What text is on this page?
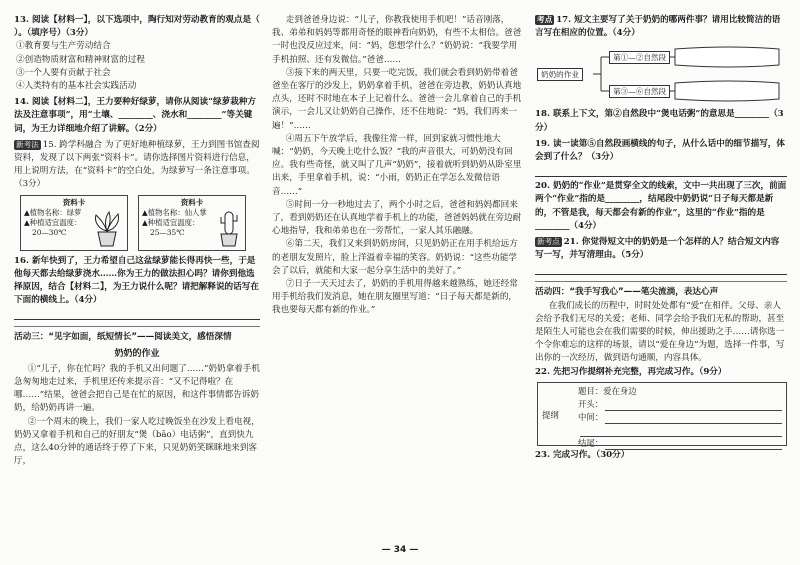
13. 阅读【材料一】，以下选项中，陶行知对劳动教育的观点是（ ）。（填序号）（3分）

①教育要与生产劳动结合

②创造物质财富和精神财富的过程

③一个人要有贡献于社会

④人类特有的基本社会实践活动

14. 阅读【材料二】，王力要种好绿萝，请你从阅读“绿萝栽种方法及注意事项”，用“土壤、________、浇水和________”等关键词，为王力详细地介绍了讲解。（2分）

新考法 15. 跨学科融合 为了更好地种植绿萝，王力到图书馆查阅资料，发现了以下两张“资料卡”。请你选择图片资料进行信息，用上说明方法，在“资料卡”的空白处，为绿萝写一条注意事项。（3分）

资料卡
▲植物名称：绿萝
▲种植适宜温度：
20—30℃
资料卡
▲植物名称：仙人掌
▲种植适宜温度：
25—35℃

16. 新年快到了，王力希望自己这盆绿萝能长得再快一些，于是他每天都去给绿萝浇水……你为王力的做法担心吗？请你到他选择原因，结合【材料二】，为王力说什么呢？请把解释说的话写在下面的横线上。（4分）

活动三：“见字如面，纸短情长”——阅读美文，感悟深情

奶奶的作业

①“儿子，你在忙吗？我的手机又出问题了……”奶奶拿着手机急匆匆地走过来，手机里还传来提示音：“又不记得啦？在哪……”结果，爸爸会把自己是在忙的原因，和这件事情都告诉奶奶，给奶奶再讲一遍。

②一个周末的晚上，我们一家人吃过晚饭坐在沙发上看电视，奶奶又拿着手机和自己的好朋友“煲（bāo）电话粥”，直到快九点，这么40分钟的通话终于停了下来，只见奶奶笑眯眯地来到客厅，

走到爸爸身边说：“儿子，你教我使用手机吧！”话音刚落，我、弟弟和妈妈等都用奇怪的眼神看向奶奶，有些不太相信。爸爸一时也没反应过来，问：“妈，您想学什么？”奶奶说：“我要学用手机拍照、还有发微信。”爸爸……

③接下来的两天里，只要一吃完饭，我们就会看到奶奶带着爸爸坐在客厅的沙发上，奶奶拿着手机，爸爸在旁边教，奶奶认真地点头，还时不时地在本子上记着什么。爸爸一会儿拿着自己的手机演示，一会儿又让奶奶自己操作，还不住地说：“妈，我们再来一遍！”……

④周五下午放学后，我像往常一样，回到家就习惯性地大喊：“奶奶，今天晚上吃什么饭？”我的声音很大，可奶奶没有回应。我有些奇怪，就又叫了几声“奶奶”，接着就听到奶奶从卧室里出来，手里拿着手机，说：“小雨，奶奶正在学怎么发微信语音……”

⑤时间一分一秒地过去了，两个小时之后，爸爸和妈妈都回来了，看到奶奶还在认真地学着手机上的功能，爸爸妈妈就在旁边耐心地指导，我和弟弟也在一旁帮忙，一家人其乐融融。

⑥第二天，我们又来到奶奶房间，只见奶奶正在用手机给远方的老朋友发照片，脸上洋溢着幸福的笑容。奶奶说：“这些功能学会了以后，就能和大家一起分享生活中的美好了。”

⑦日子一天天过去了，奶奶的手机用得越来越熟练，她还经常用手机给我们发消息，她在朋友圈里写道：“日子每天都是新的，我也要每天都有新的作业。”

考点 17. 短文主要写了关于奶奶的哪两件事？请用比较简洁的语言写在相应的位置。（4分）

奶奶的作业
第①—②自然段
第③—⑥自然段

18. 联系上下文，第②自然段中“煲电话粥”的意思是________（3分）

19. 读一读第⑤自然段画横线的句子，从什么话中的细节描写，体会到了什么？（3分）

20. 奶奶的“作业”是贯穿全文的线索，文中一共出现了三次，前面两个“作业”指的是________，结尾段中奶奶说“日子每天都是新的，不管是我，每天都会有新的作业”，这里的“作业”指的是________（4分）

新考点 21. 你觉得短文中的奶奶是一个怎样的人？结合短文内容写一写，并写清理由。（5分）

活动四：“我手写我心”——笔尖流淌，表达心声

在我们成长的历程中，时时处处都有“爱”在相伴。父母、亲人会给予我们无尽的关爱；老师、同学会给予我们无私的帮助，甚至是陌生人可能也会在我们需要的时候，伸出援助之手……请你选一个令你难忘的这样的场景，请以“爱在身边”为题，选择一件事，写出你的一次经历，做到语句通顺，内容具体。

22. 先把习作提纲补充完整，再完成习作。（9分）

提纲
题目：爱在身边
开头：
中间：
结尾：

23. 完成习作。（30分）

— 34 —
